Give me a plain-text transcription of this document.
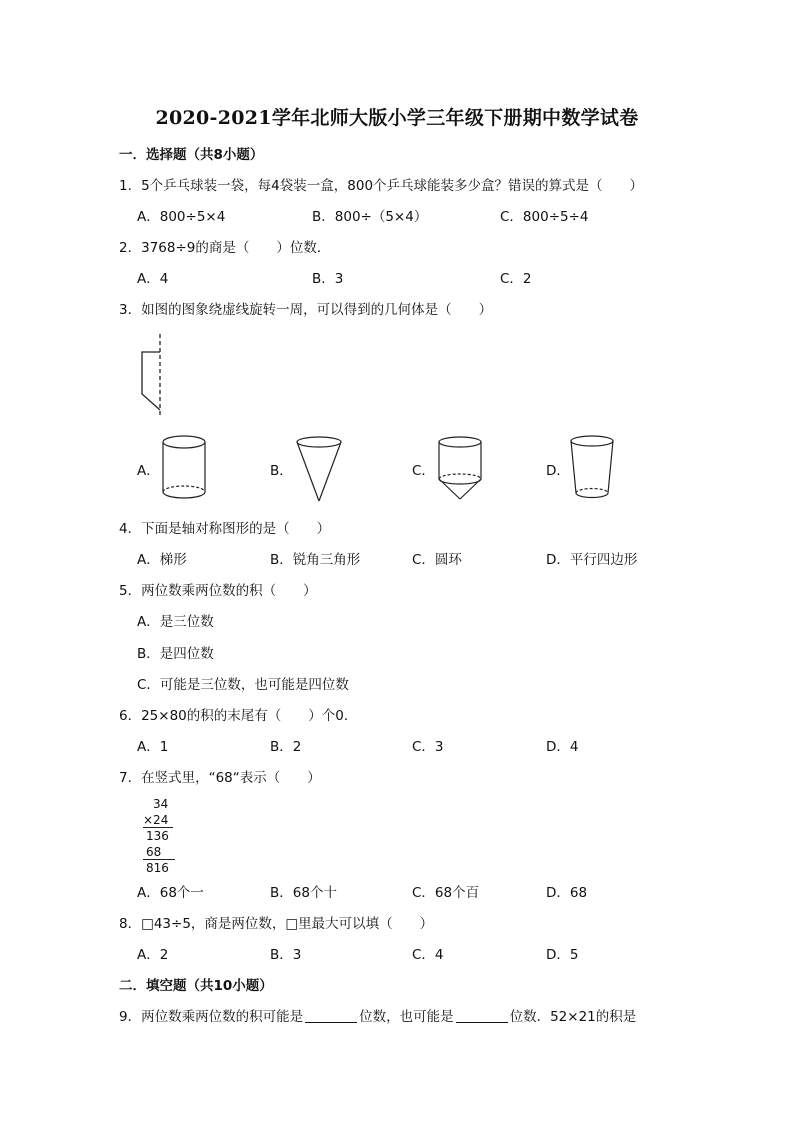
2020-2021学年北师大版小学三年级下册期中数学试卷
一．选择题（共8小题）
1．5个乒乓球装一袋，每4袋装一盒，800个乒乓球能装多少盒？错误的算式是（　　）
A．800÷5×4	B．800÷（5×4）	C．800÷5÷4
2．3768÷9的商是（　　）位数．
A．4	B．3	C．2
3．如图的图象绕虚线旋转一周，可以得到的几何体是（　　）
A．	B．	C．	D．
4．下面是轴对称图形的是（　　）
A．梯形	B．锐角三角形	C．圆环	D．平行四边形
5．两位数乘两位数的积（　　）
A．是三位数
B．是四位数
C．可能是三位数，也可能是四位数
6．25×80的积的末尾有（　　）个0．
A．1	B．2	C．3	D．4
7．在竖式里，“68“表示（　　）
34
×24
136
68
816
A．68个一	B．68个十	C．68个百	D．68
8．□43÷5，商是两位数，□里最大可以填（　　）
A．2	B．3	C．4	D．5
二．填空题（共10小题）
9．两位数乘两位数的积可能是	位数，也可能是	位数．52×21的积是
